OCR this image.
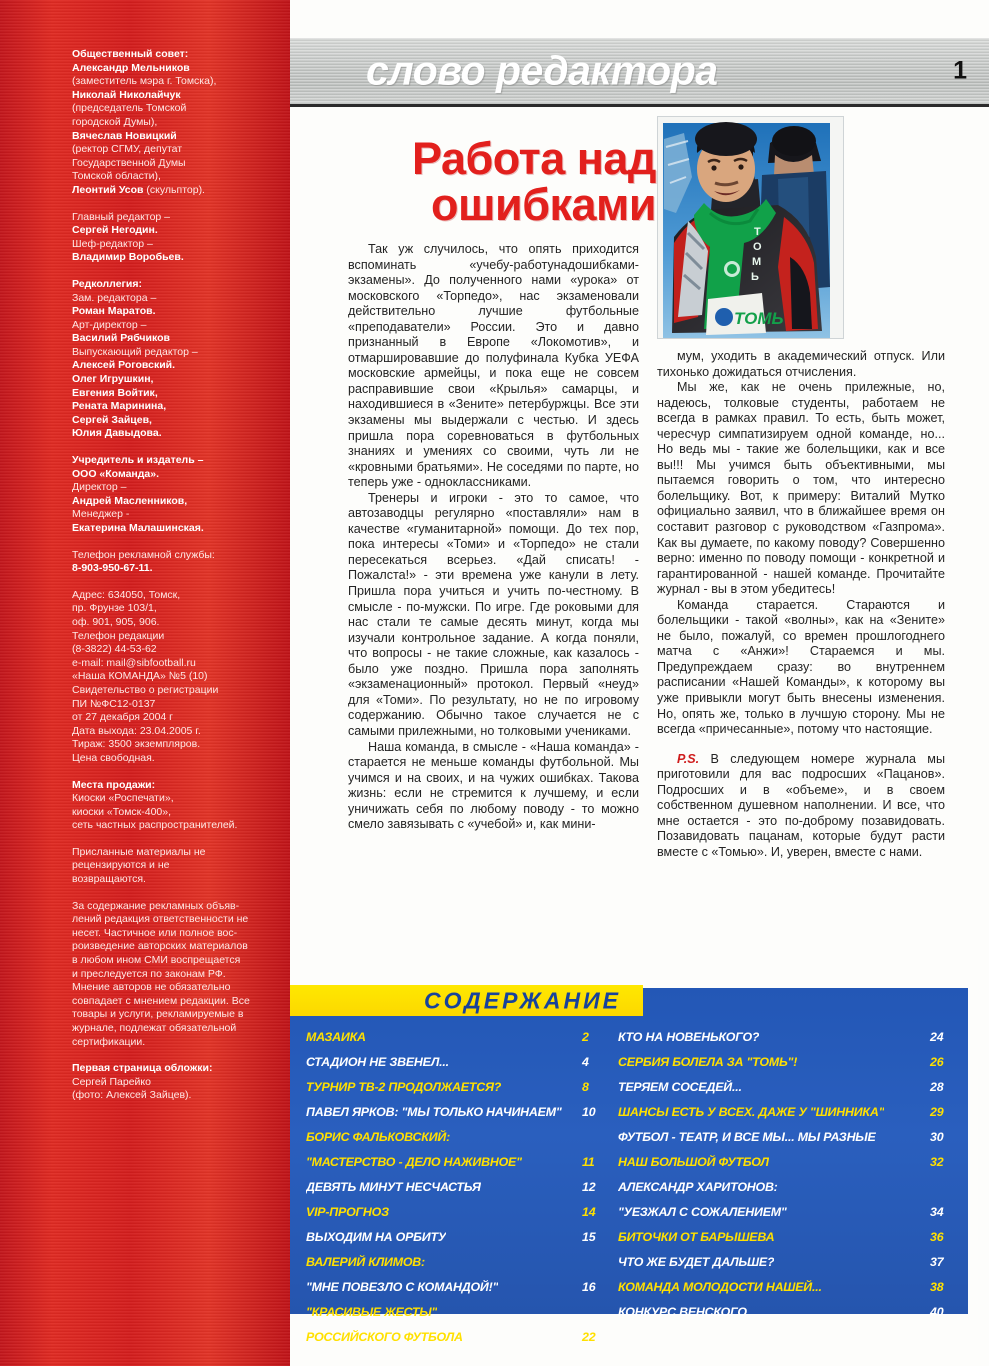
Общественный совет:
Александр Мельников
(заместитель мэра г. Томска),
Николай Николайчук
(председатель Томской
городской Думы),
Вячеслав Новицкий
(ректор СГМУ, депутат
Государственной Думы
Томской области),
Леонтий Усов (скульптор).
Главный редактор –
Сергей Негодин.
Шеф-редактор –
Владимир Воробьев.
Редколлегия:
Зам. редактора –
Роман Маратов.
Арт-директор –
Василий Рябчиков
Выпускающий редактор –
Алексей Роговский.
Олег Игрушкин,
Евгения Войтик,
Рената Маринина,
Сергей Зайцев,
Юлия Давыдова.
Учредитель и издатель –
ООО «Команда».
Директор –
Андрей Масленников,
Менеджер -
Екатерина Малашинская.
Телефон рекламной службы:
8-903-950-67-11.
Адрес: 634050, Томск,
пр. Фрунзе 103/1,
оф. 901, 905, 906.
Телефон редакции
(8-3822) 44-53-62
e-mail: mail@sibfootball.ru
«Наша КОМАНДА» №5 (10)
Свидетельство о регистрации
ПИ №ФС12-0137
от 27 декабря 2004 г
Дата выхода: 23.04.2005 г.
Тираж: 3500 экземпляров.
Цена свободная.
Места продажи:
Киоски «Роспечати»,
киоски «Томск-400»,
сеть частных распространителей.
Присланные материалы не
рецензируются и не
возвращаются.
За содержание рекламных объяв-
лений редакция ответственности не
несет. Частичное или полное вос-
роизведение авторских материалов
в любом ином СМИ воспрещается
и преследуется по законам РФ.
Мнение авторов не обязательно
совпадает с мнением редакции. Все
товары и услуги, рекламируемые в
журнале, подлежат обязательной
сертификации.
Первая страница обложки:
Сергей Парейко
(фото: Алексей Зайцев).
слово редактора	1
Работа над
ошибками
Т
О
М
Ь
ТОМЬ

Так уж случилось, что опять приходится вспоминать «учебу-работунадошибками-экзамены». До полученного нами «урока» от московского «Торпедо», нас экзаменовали действительно лучшие футбольные «преподаватели» России. Это и давно признанный в Европе «Локомотив», и отмаршировавшие до полуфинала Кубка УЕФА московские армейцы, и пока еще не совсем расправившие свои «Крылья» самарцы, и находившиеся в «Зените» петербуржцы. Все эти экзамены мы выдержали с честью. И здесь пришла пора соревноваться в футбольных знаниях и умениях со своими, чуть ли не «кровными братьями». Не соседями по парте, но теперь уже - одноклассниками.

Тренеры и игроки - это то самое, что автозаводцы регулярно «поставляли» нам в качестве «гуманитарной» помощи. До тех пор, пока интересы «Томи» и «Торпедо» не стали пересекаться всерьез. «Дай списать! - Пожалста!» - эти времена уже канули в лету. Пришла пора учиться и учить по-честному. В смысле - по-мужски. По игре. Где роковыми для нас стали те самые десять минут, когда мы изучали контрольное задание. А когда поняли, что вопросы - не такие сложные, как казалось - было уже поздно. Пришла пора заполнять «экзаменационный» протокол. Первый «неуд» для «Томи». По результату, но не по игровому содержанию. Обычно такое случается не с самыми прилежными, но толковыми учениками.

Наша команда, в смысле - «Наша команда» - старается не меньше команды футбольной. Мы учимся и на своих, и на чужих ошибках. Такова жизнь: если не стремится к лучшему, и если уничижать себя по любому поводу - то можно смело завязывать с «учебой» и, как мини-

мум, уходить в академический отпуск. Или тихонько дожидаться отчисления.

Мы же, как не очень прилежные, но, надеюсь, толковые студенты, работаем не всегда в рамках правил. То есть, быть может, чересчур симпатизируем одной команде, но... Но ведь мы - такие же болельщики, как и все вы!!! Мы учимся быть объективными, мы пытаемся говорить о том, что интересно болельщику. Вот, к примеру: Виталий Мутко официально заявил, что в ближайшее время он составит разговор с руководством «Газпрома». Как вы думаете, по какому поводу? Совершенно верно: именно по поводу помощи - конкретной и гарантированной - нашей команде. Прочитайте журнал - вы в этом убедитесь!

Команда старается. Стараются и болельщики - такой «волны», как на «Зените» не было, пожалуй, со времен прошлогоднего матча с «Анжи»! Стараемся и мы. Предупреждаем сразу: во внутреннем расписании «Нашей Команды», к которому вы уже привыкли могут быть внесены изменения. Но, опять же, только в лучшую сторону. Мы не всегда «причесанные», потому что настоящие.

P.S. В следующем номере журнала мы приготовили для вас подросших «Пацанов». Подросших и в «объеме», и в своем собственном душевном наполнении. И все, что мне остается - это по-доброму позавидовать. Позавидовать пацанам, которые будут расти вместе с «Томью». И, уверен, вместе с нами.

МАЗАИКА	2
СТАДИОН НЕ ЗВЕНЕЛ...	4
ТУРНИР ТВ-2 ПРОДОЛЖАЕТСЯ?	8
ПАВЕЛ ЯРКОВ: "МЫ ТОЛЬКО НАЧИНАЕМ" 10
БОРИС ФАЛЬКОВСКИЙ:
"МАСТЕРСТВО - ДЕЛО НАЖИВНОЕ"	11
ДЕВЯТЬ МИНУТ НЕСЧАСТЬЯ	12
VIP-ПРОГНОЗ	14
ВЫХОДИМ НА ОРБИТУ	15
ВАЛЕРИЙ КЛИМОВ:
"МНЕ ПОВЕЗЛО С КОМАНДОЙ!"	16
"КРАСИВЫЕ ЖЕСТЫ"
РОССИЙСКОГО ФУТБОЛА	22
КТО НА НОВЕНЬКОГО?	24
СЕРБИЯ БОЛЕЛА ЗА "ТОМЬ"!	26
ТЕРЯЕМ СОСЕДЕЙ...	28
ШАНСЫ ЕСТЬ У ВСЕХ. ДАЖЕ У "ШИННИКА"	29
ФУТБОЛ - ТЕАТР, И ВСЕ МЫ... МЫ РАЗНЫЕ	30
НАШ БОЛЬШОЙ ФУТБОЛ	32
АЛЕКСАНДР ХАРИТОНОВ:
"УЕЗЖАЛ С СОЖАЛЕНИЕМ"	34
БИТОЧКИ ОТ БАРЫШЕВА	36
ЧТО ЖЕ БУДЕТ ДАЛЬШЕ?	37
КОМАНДА МОЛОДОСТИ НАШЕЙ...	38
КОНКУРС ВЕНСКОГО	40
СОДЕРЖАНИЕ
